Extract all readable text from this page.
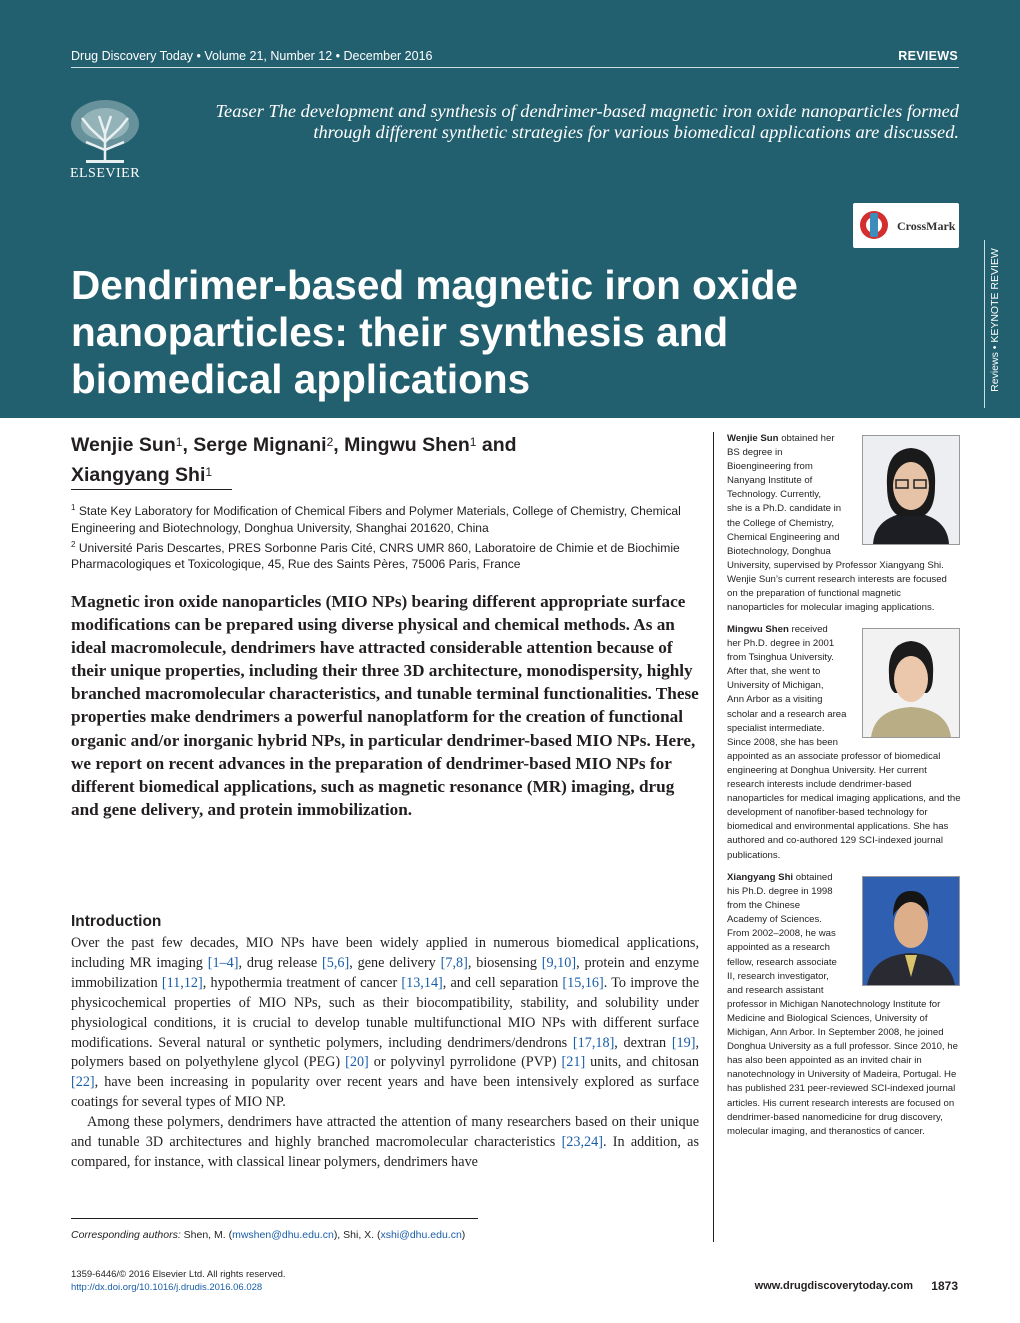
Drug Discovery Today • Volume 21, Number 12 • December 2016	REVIEWS
ELSEVIER
Teaser The development and synthesis of dendrimer-based magnetic iron oxide nanoparticles formed through different synthetic strategies for various biomedical applications are discussed.
CrossMark
Dendrimer-based magnetic iron oxide nanoparticles: their synthesis and biomedical applications	Reviews • KEYNOTE REVIEW
Wenjie Sun$^1$, Serge Mignani$^2$, Mingwu Shen$^1$ and
Xiangyang Shi$^1$
$^1$ State Key Laboratory for Modification of Chemical Fibers and Polymer Materials, College of Chemistry, Chemical Engineering and Biotechnology, Donghua University, Shanghai 201620, China
$^2$ Université Paris Descartes, PRES Sorbonne Paris Cité, CNRS UMR 860, Laboratoire de Chimie et de Biochimie Pharmacologiques et Toxicologique, 45, Rue des Saints Pères, 75006 Paris, France
Magnetic iron oxide nanoparticles (MIO NPs) bearing different appropriate surface modifications can be prepared using diverse physical and chemical methods. As an ideal macromolecule, dendrimers have attracted considerable attention because of their unique properties, including their three 3D architecture, monodispersity, highly branched macromolecular characteristics, and tunable terminal functionalities. These properties make dendrimers a powerful nanoplatform for the creation of functional organic and/or inorganic hybrid NPs, in particular dendrimer-based MIO NPs. Here, we report on recent advances in the preparation of dendrimer-based MIO NPs for different biomedical applications, such as magnetic resonance (MR) imaging, drug and gene delivery, and protein immobilization.
Introduction

Over the past few decades, MIO NPs have been widely applied in numerous biomedical applications, including MR imaging [1–4], drug release [5,6], gene delivery [7,8], biosensing [9,10], protein and enzyme immobilization [11,12], hypothermia treatment of cancer [13,14], and cell separation [15,16]. To improve the physicochemical properties of MIO NPs, such as their biocompatibility, stability, and solubility under physiological conditions, it is crucial to develop tunable multifunctional MIO NPs with different surface modifications. Several natural or synthetic polymers, including dendrimers/dendrons [17,18], dextran [19], polymers based on polyethylene glycol (PEG) [20] or polyvinyl pyrrolidone (PVP) [21] units, and chitosan [22], have been increasing in popularity over recent years and have been intensively explored as surface coatings for several types of MIO NP.

Among these polymers, dendrimers have attracted the attention of many researchers based on their unique and tunable 3D architectures and highly branched macromolecular characteristics [23,24]. In addition, as compared, for instance, with classical linear polymers, dendrimers have

Wenjie Sun obtained her
BS degree in
Bioengineering from
Nanyang Institute of
Technology. Currently,
she is a Ph.D. candidate in
the College of Chemistry,
Chemical Engineering and
Biotechnology, Donghua
University, supervised by Professor Xiangyang Shi.
Wenjie Sun’s current research interests are focused
on the preparation of functional magnetic
nanoparticles for molecular imaging applications.
Mingwu Shen received
her Ph.D. degree in 2001
from Tsinghua University.
After that, she went to
University of Michigan,
Ann Arbor as a visiting
scholar and a research area
specialist intermediate.
Since 2008, she has been
appointed as an associate professor of biomedical
engineering at Donghua University. Her current
research interests include dendrimer-based
nanoparticles for medical imaging applications, and the
development of nanofiber-based technology for
biomedical and environmental applications. She has
authored and co-authored 129 SCI-indexed journal
publications.
Xiangyang Shi obtained
his Ph.D. degree in 1998
from the Chinese
Academy of Sciences.
From 2002–2008, he was
appointed as a research
fellow, research associate
II, research investigator,
and research assistant
professor in Michigan Nanotechnology Institute for
Medicine and Biological Sciences, University of
Michigan, Ann Arbor. In September 2008, he joined
Donghua University as a full professor. Since 2010, he
has also been appointed as an invited chair in
nanotechnology in University of Madeira, Portugal. He
has published 231 peer-reviewed SCI-indexed journal
articles. His current research interests are focused on
dendrimer-based nanomedicine for drug discovery,
molecular imaging, and theranostics of cancer.
Corresponding authors: Shen, M. (mwshen@dhu.edu.cn), Shi, X. (xshi@dhu.edu.cn)
1359-6446/© 2016 Elsevier Ltd. All rights reserved.
http://dx.doi.org/10.1016/j.drudis.2016.06.028	www.drugdiscoverytoday.com 1873
